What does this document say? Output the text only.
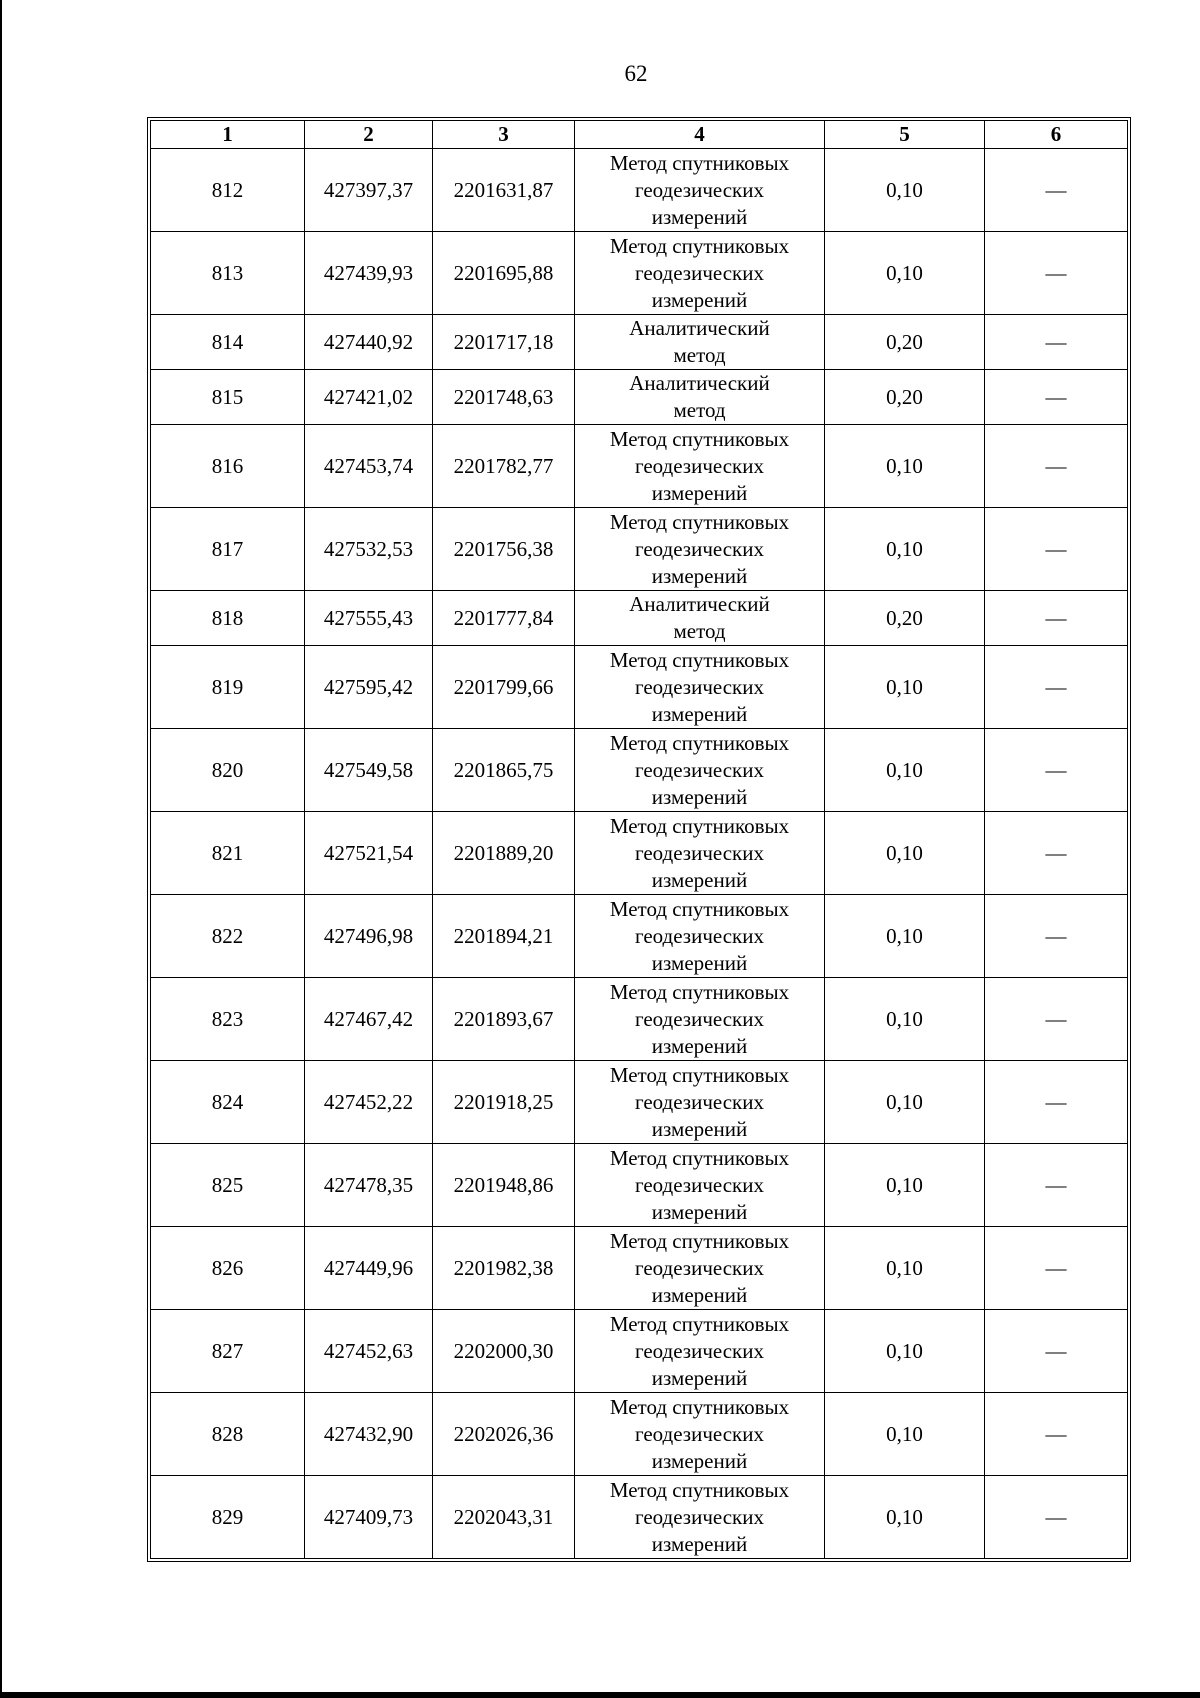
62
1	2	3	4	5	6
812	427397,37	2201631,87	Метод спутниковых
геодезических
измерений	0,10	—
813	427439,93	2201695,88	Метод спутниковых
геодезических
измерений	0,10	—
814	427440,92	2201717,18	Аналитический
метод	0,20	—
815	427421,02	2201748,63	Аналитический
метод	0,20	—
816	427453,74	2201782,77	Метод спутниковых
геодезических
измерений	0,10	—
817	427532,53	2201756,38	Метод спутниковых
геодезических
измерений	0,10	—
818	427555,43	2201777,84	Аналитический
метод	0,20	—
819	427595,42	2201799,66	Метод спутниковых
геодезических
измерений	0,10	—
820	427549,58	2201865,75	Метод спутниковых
геодезических
измерений	0,10	—
821	427521,54	2201889,20	Метод спутниковых
геодезических
измерений	0,10	—
822	427496,98	2201894,21	Метод спутниковых
геодезических
измерений	0,10	—
823	427467,42	2201893,67	Метод спутниковых
геодезических
измерений	0,10	—
824	427452,22	2201918,25	Метод спутниковых
геодезических
измерений	0,10	—
825	427478,35	2201948,86	Метод спутниковых
геодезических
измерений	0,10	—
826	427449,96	2201982,38	Метод спутниковых
геодезических
измерений	0,10	—
827	427452,63	2202000,30	Метод спутниковых
геодезических
измерений	0,10	—
828	427432,90	2202026,36	Метод спутниковых
геодезических
измерений	0,10	—
829	427409,73	2202043,31	Метод спутниковых
геодезических
измерений	0,10	—
